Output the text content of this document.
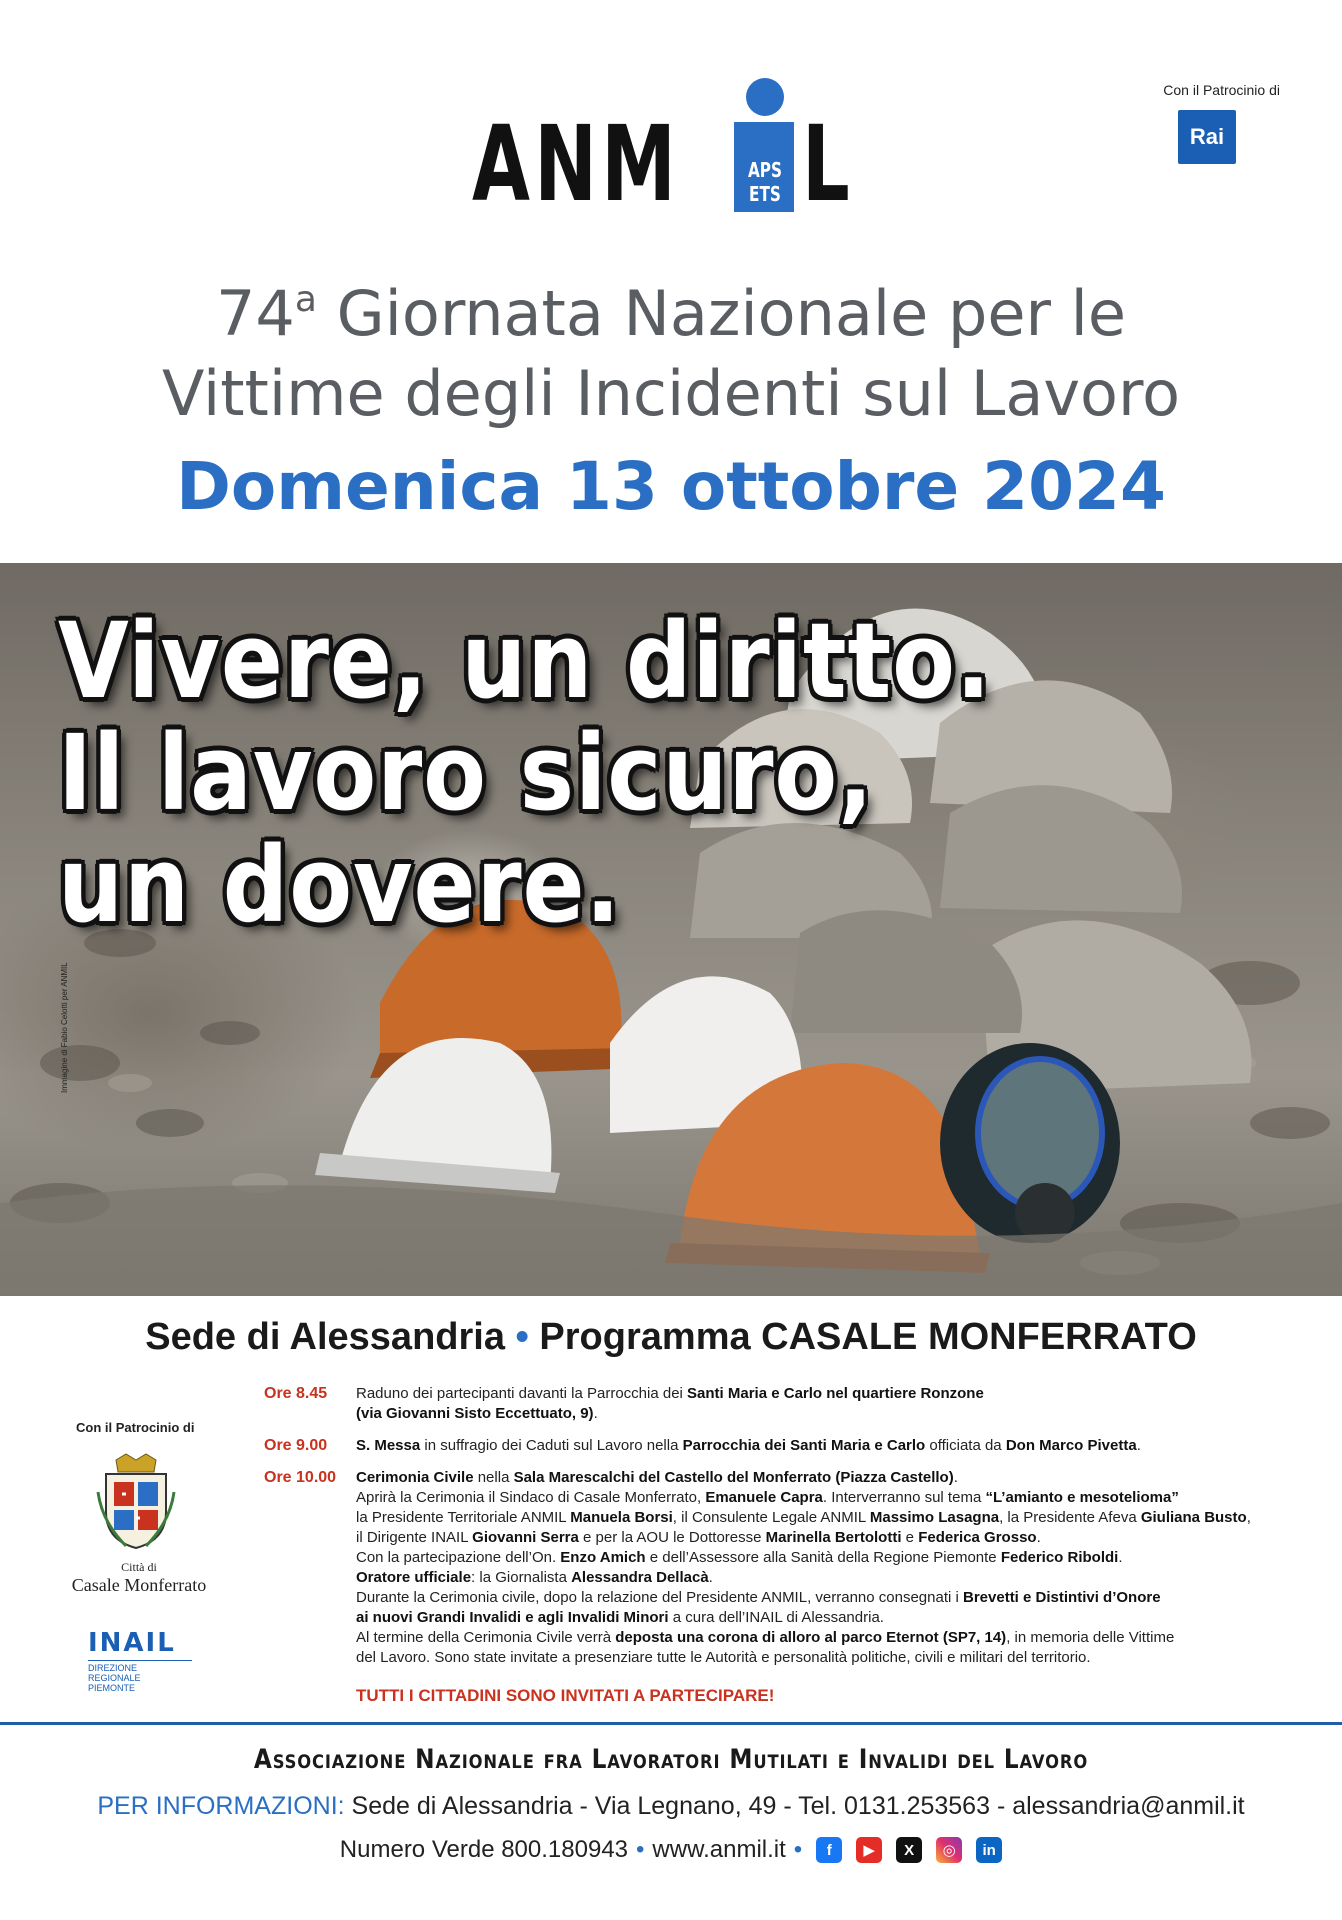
ANM	APS
ETS L
Con il Patrocinio di
Rai
74$^a$ Giornata Nazionale per le
Vittime degli Incidenti sul Lavoro
Domenica 13 ottobre 2024
Vivere, un diritto.
Il lavoro sicuro,
un dovere.
Immagine di Fabio Celotti per ANMIL
Sede di Alessandria • Programma CASALE MONFERRATO
Con il Patrocinio di
Città di
Casale Monferrato
INAIL
DIREZIONE REGIONALE
PIEMONTE
Ore 8.45	Raduno dei partecipanti davanti la Parrocchia dei Santi Maria e Carlo nel quartiere Ronzone
(via Giovanni Sisto Eccettuato, 9).
Ore 9.00	S. Messa in suffragio dei Caduti sul Lavoro nella Parrocchia dei Santi Maria e Carlo officiata da Don Marco Pivetta.
Ore 10.00	Cerimonia Civile nella Sala Marescalchi del Castello del Monferrato (Piazza Castello).
Aprirà la Cerimonia il Sindaco di Casale Monferrato, Emanuele Capra. Interverranno sul tema “L’amianto e mesotelioma”
la Presidente Territoriale ANMIL Manuela Borsi, il Consulente Legale ANMIL Massimo Lasagna, la Presidente Afeva Giuliana Busto,
il Dirigente INAIL Giovanni Serra e per la AOU le Dottoresse Marinella Bertolotti e Federica Grosso.
Con la partecipazione dell’On. Enzo Amich e dell’Assessore alla Sanità della Regione Piemonte Federico Riboldi.
Oratore ufficiale: la Giornalista Alessandra Dellacà.
Durante la Cerimonia civile, dopo la relazione del Presidente ANMIL, verranno consegnati i Brevetti e Distintivi d’Onore
ai nuovi Grandi Invalidi e agli Invalidi Minori a cura dell’INAIL di Alessandria.
Al termine della Cerimonia Civile verrà deposta una corona di alloro al parco Eternot (SP7, 14), in memoria delle Vittime
del Lavoro. Sono state invitate a presenziare tutte le Autorità e personalità politiche, civili e militari del territorio.
TUTTI I CITTADINI SONO INVITATI A PARTECIPARE!
Associazione Nazionale fra Lavoratori Mutilati e Invalidi del Lavoro
PER INFORMAZIONI: Sede di Alessandria - Via Legnano, 49 - Tel. 0131.253563 - alessandria@anmil.it
Numero Verde 800.180943 • www.anmil.it •	f	▶	X	◎	in
